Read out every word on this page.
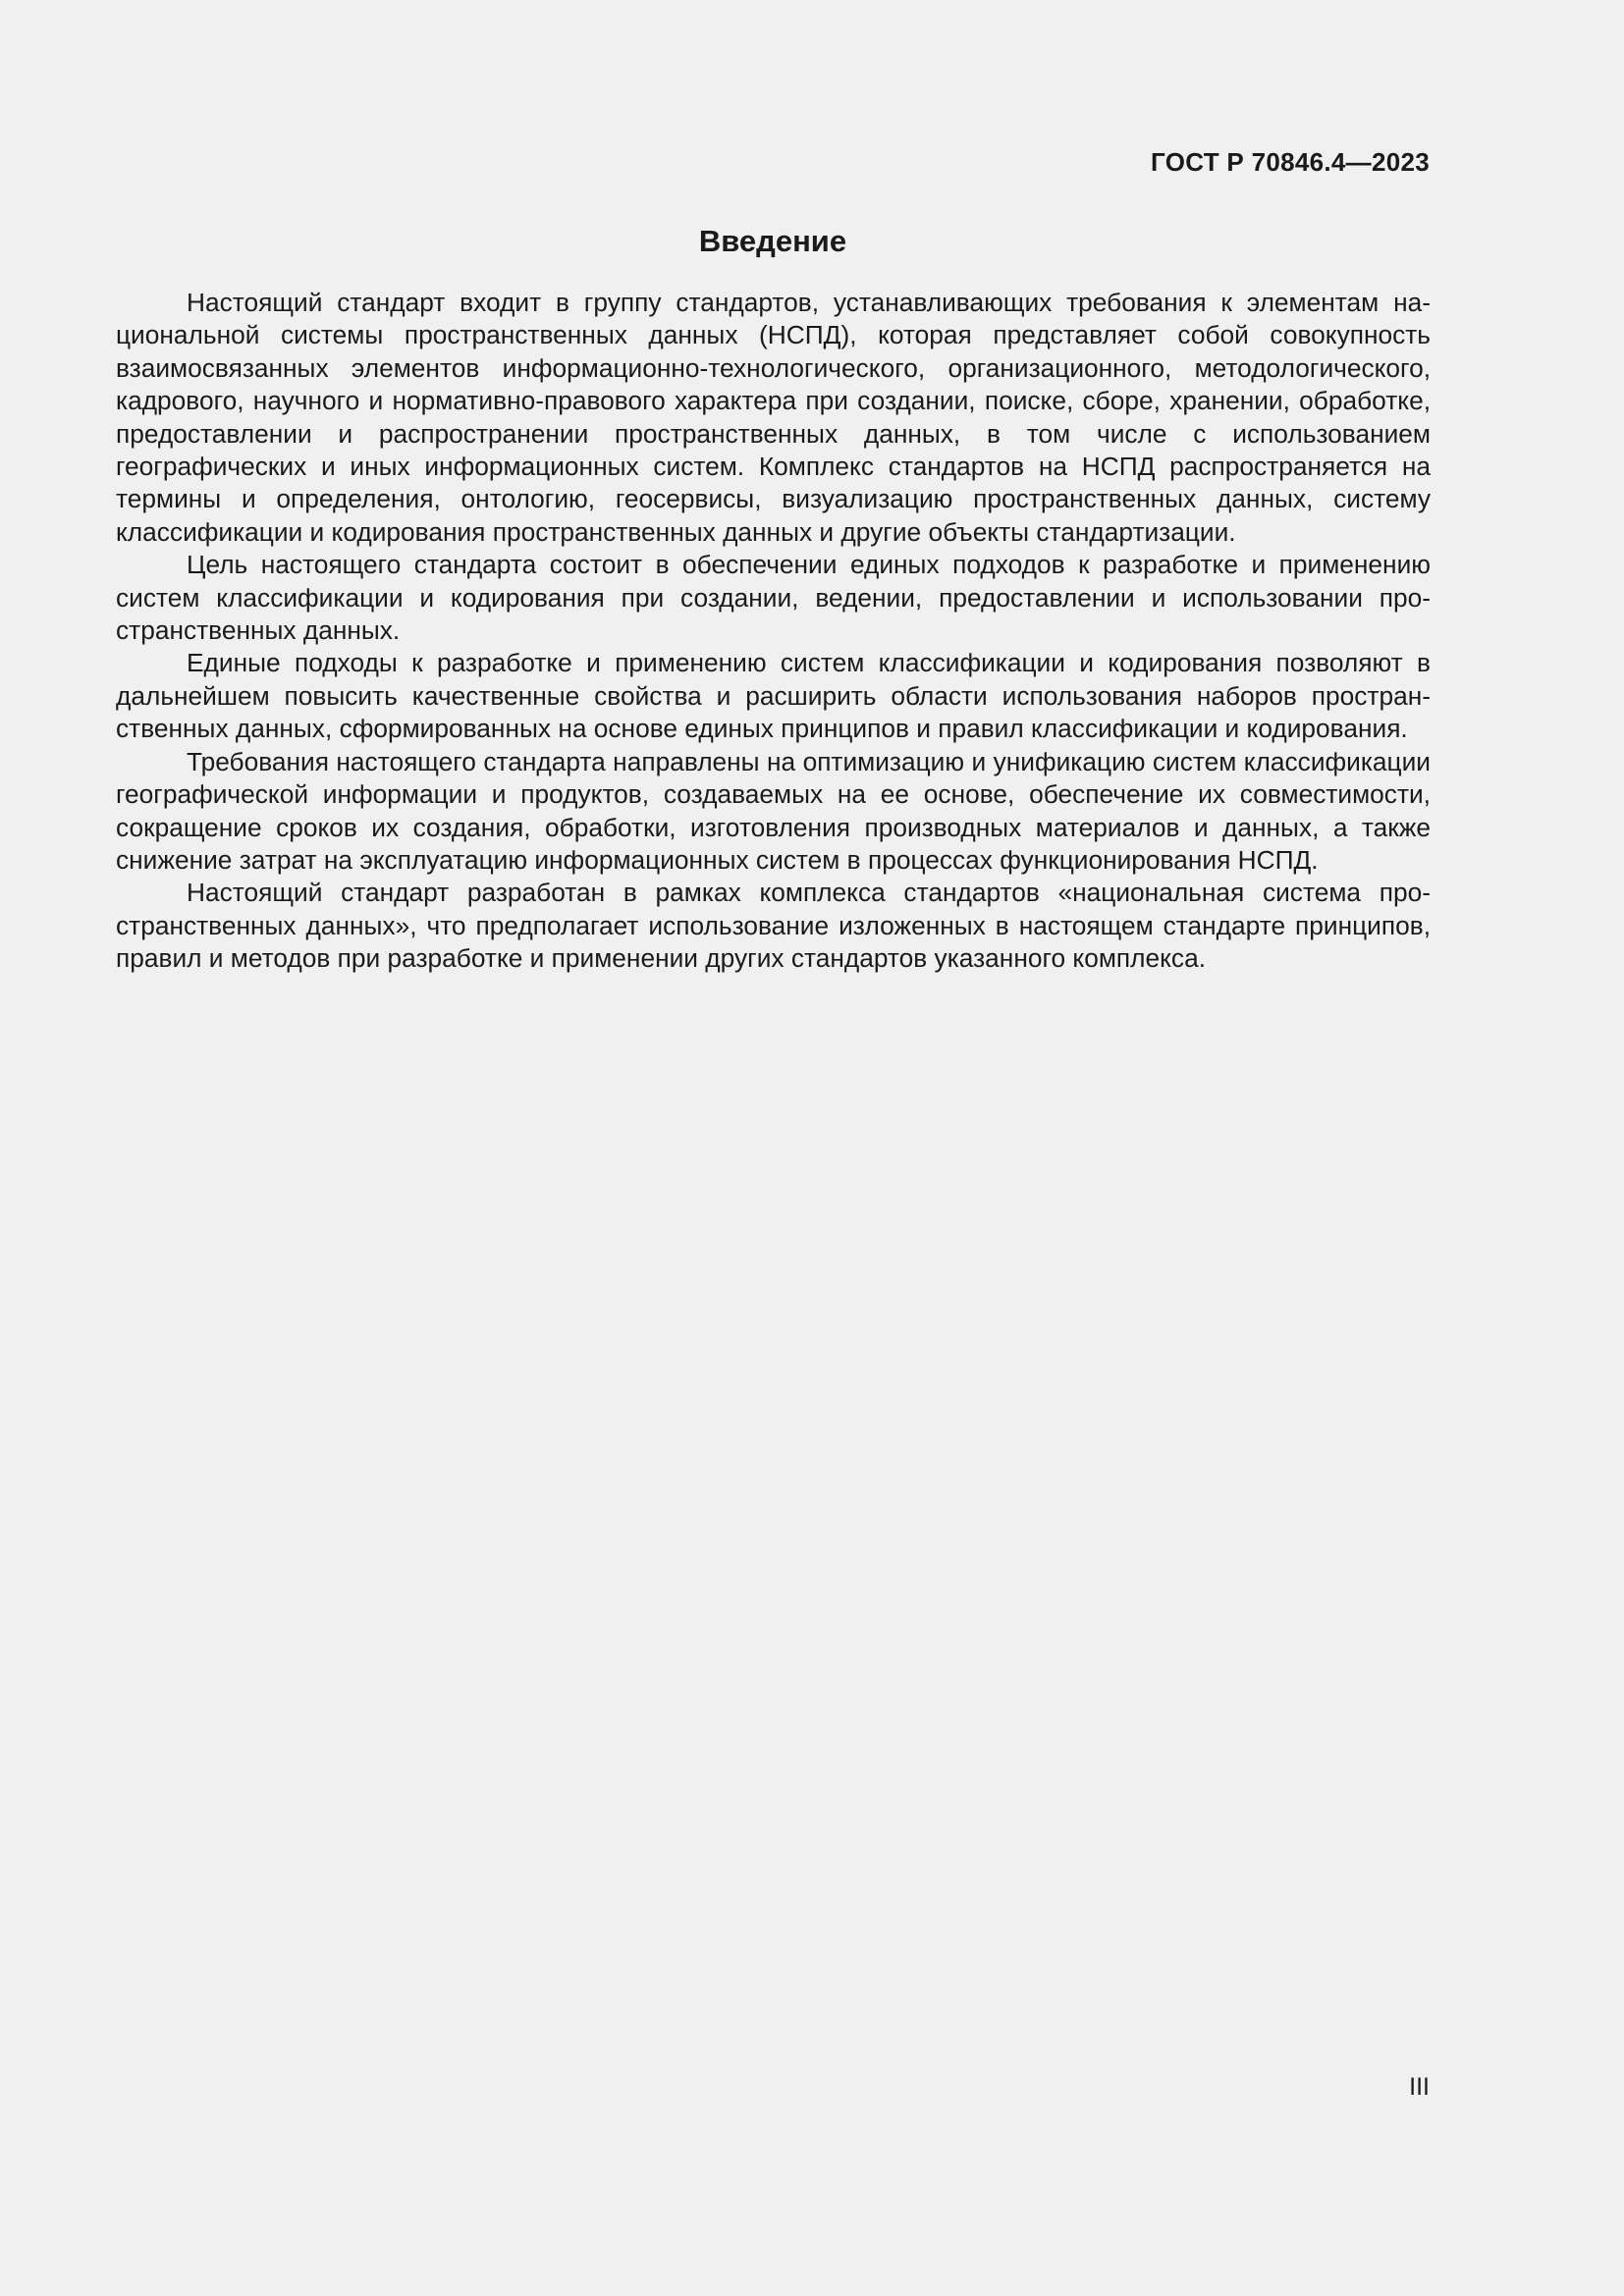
ГОСТ Р 70846.4—2023

Введение

Настоящий стандарт входит в группу стандартов, устанавливающих требования к элементам национальной системы пространственных данных (НСПД), которая представляет собой совокупность взаимосвязанных элементов информационно-технологического, организационного, методологического, кадрового, научного и нормативно-правового характера при создании, поиске, сборе, хранении, обработке, предоставлении и распространении пространственных данных, в том числе с использованием географических и иных информационных систем. Комплекс стандартов на НСПД распространяется на термины и определения, онтологию, геосервисы, визуализацию пространственных данных, систему классификации и кодирования пространственных данных и другие объекты стандартизации.

Цель настоящего стандарта состоит в обеспечении единых подходов к разработке и применению систем классификации и кодирования при создании, ведении, предоставлении и использовании пространственных данных.

Единые подходы к разработке и применению систем классификации и кодирования позволяют в дальнейшем повысить качественные свойства и расширить области использования наборов пространственных данных, сформированных на основе единых принципов и правил классификации и кодирования.

Требования настоящего стандарта направлены на оптимизацию и унификацию систем классификации географической информации и продуктов, создаваемых на ее основе, обеспечение их совместимости, сокращение сроков их создания, обработки, изготовления производных материалов и данных, а также снижение затрат на эксплуатацию информационных систем в процессах функционирования НСПД.

Настоящий стандарт разработан в рамках комплекса стандартов «национальная система пространственных данных», что предполагает использование изложенных в настоящем стандарте принципов, правил и методов при разработке и применении других стандартов указанного комплекса.

III
